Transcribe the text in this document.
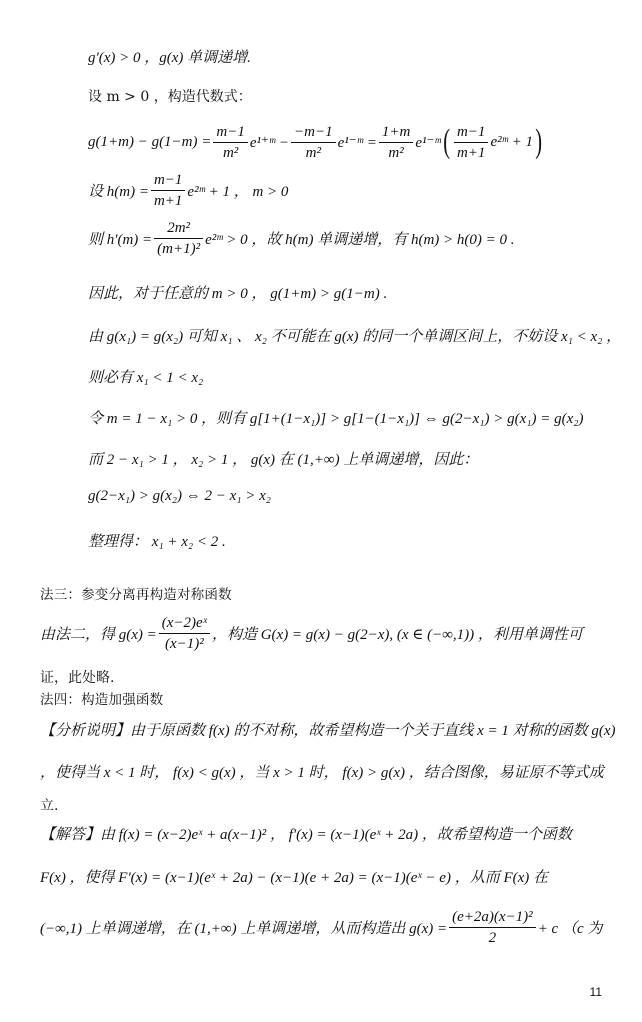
g'(x) > 0 ，g(x) 单调递增.
设 m > 0 ，构造代数式：
$g(1+m) - g(1-m) = \frac{m-1}{\text{m²}}$ e¹⁺ᵐ − $\frac{-m-1}{\text{m²}}$ e¹⁻ᵐ = $\frac{1+m}{\text{m²}}$ e¹⁻ᵐ ( $\frac{m-1}{m+1}$ e²ᵐ + 1 )
设 $h(m) = \frac{m-1}{m+1}$ e²ᵐ + 1 ， m > 0
则 $h'(m) = \frac{\text{2m²}}{\text{(m+1)²}}$ e²ᵐ > 0 ，故 h(m) 单调递增，有 h(m) > h(0) = 0 .
因此，对于任意的 m > 0 ， g(1+m) > g(1−m) .
由 g(x₁) = g(x₂) 可知 x₁ 、 x₂ 不可能在 g(x) 的同一个单调区间上，不妨设 x₁ < x₂ ，
则必有 x₁ < 1 < x₂
令 m = 1 − x₁ > 0 ，则有 g[1+(1−x₁)] > g[1−(1−x₁)] ⇔ g(2−x₁) > g(x₁) = g(x₂)
而 2 − x₁ > 1 ， x₂ > 1 ， g(x) 在 (1,+∞) 上单调递增，因此：
g(2−x₁) > g(x₂) ⇔ 2 − x₁ > x₂
整理得： x₁ + x₂ < 2 .
法三：参变分离再构造对称函数
由法二，得 $g(x) = \frac{\text{(x−2)eˣ}}{\text{(x−1)²}}$ ，构造 G(x) = g(x) − g(2−x), (x ∈ (−∞,1)) ，利用单调性可
证，此处略.
法四：构造加强函数
【分析说明】由于原函数 f(x) 的不对称，故希望构造一个关于直线 x = 1 对称的函数 g(x)
，使得当 x < 1 时， f(x) < g(x) ，当 x > 1 时， f(x) > g(x) ，结合图像，易证原不等式成
立.
【解答】由 f(x) = (x−2)eˣ + a(x−1)² ， f'(x) = (x−1)(eˣ + 2a) ，故希望构造一个函数
F(x) ，使得 F'(x) = (x−1)(eˣ + 2a) − (x−1)(e + 2a) = (x−1)(eˣ − e) ，从而 F(x) 在
(−∞,1) 上单调递增，在 (1,+∞) 上单调递增，从而构造出 $g(x) = \frac{\text{(e+2a)(x−1)²}}{2} + c$ （c 为
11
